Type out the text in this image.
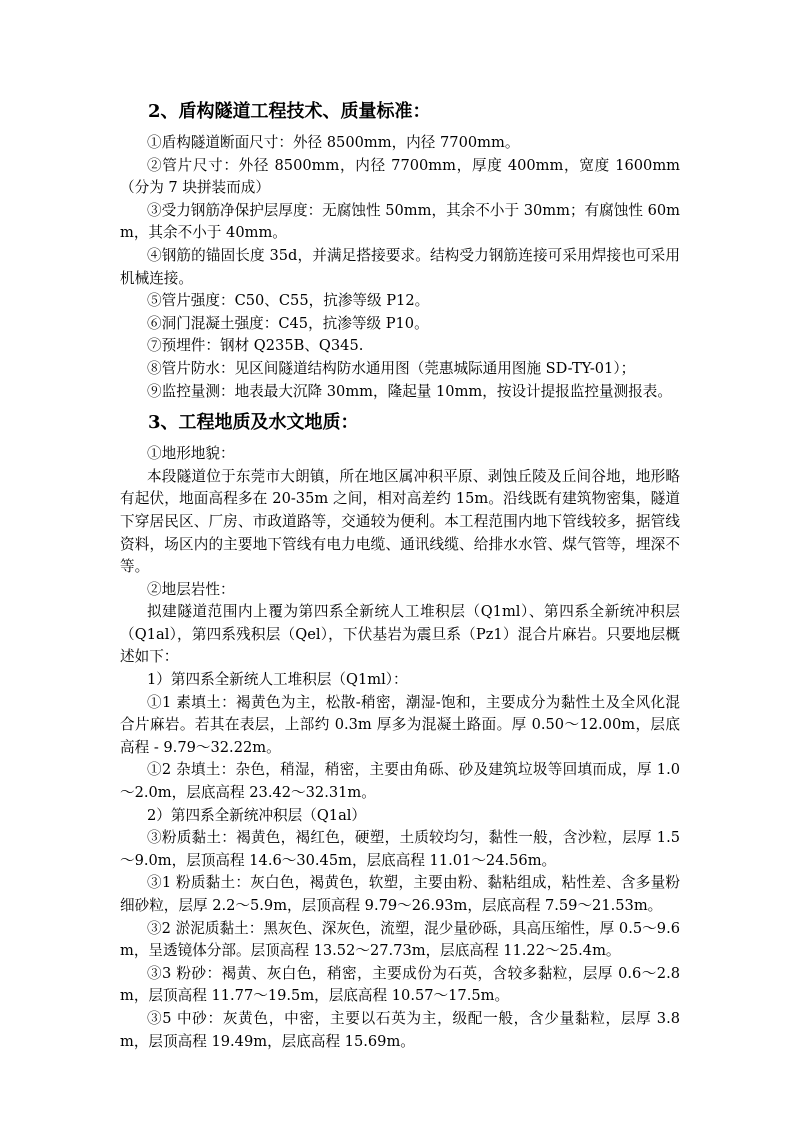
2、盾构隧道工程技术、质量标准：

①盾构隧道断面尺寸：外径 8500mm，内径 7700mm。

②管片尺寸：外径 8500mm，内径 7700mm，厚度 400mm，宽度 1600mm（分为 7 块拼装而成）

③受力钢筋净保护层厚度：无腐蚀性 50mm，其余不小于 30mm；有腐蚀性 60mm，其余不小于 40mm。

④钢筋的锚固长度 35d，并满足搭接要求。结构受力钢筋连接可采用焊接也可采用机械连接。

⑤管片强度：C50、C55，抗渗等级 P12。

⑥洞门混凝土强度：C45，抗渗等级 P10。

⑦预埋件：钢材 Q235B、Q345.

⑧管片防水：见区间隧道结构防水通用图（莞惠城际通用图施 SD-TY-01）；

⑨监控量测：地表最大沉降 30mm，隆起量 10mm，按设计提报监控量测报表。

3、工程地质及水文地质：

①地形地貌：

本段隧道位于东莞市大朗镇，所在地区属冲积平原、剥蚀丘陵及丘间谷地，地形略有起伏，地面高程多在 20-35m 之间，相对高差约 15m。沿线既有建筑物密集，隧道下穿居民区、厂房、市政道路等，交通较为便利。本工程范围内地下管线较多，据管线资料，场区内的主要地下管线有电力电缆、通讯线缆、给排水水管、煤气管等，埋深不等。

②地层岩性：

拟建隧道范围内上覆为第四系全新统人工堆积层（Q1ml）、第四系全新统冲积层（Q1al），第四系残积层（Qel），下伏基岩为震旦系（Pz1）混合片麻岩。只要地层概述如下：

1）第四系全新统人工堆积层（Q1ml）：

①1 素填土：褐黄色为主，松散-稍密，潮湿-饱和，主要成分为黏性土及全风化混合片麻岩。若其在表层，上部约 0.3m 厚多为混凝土路面。厚 0.50～12.00m，层底高程 - 9.79～32.22m。

①2 杂填土：杂色，稍湿，稍密，主要由角砾、砂及建筑垃圾等回填而成，厚 1.0～2.0m，层底高程 23.42～32.31m。

2）第四系全新统冲积层（Q1al）

③粉质黏土：褐黄色，褐红色，硬塑，土质较均匀，黏性一般，含沙粒，层厚 1.5～9.0m，层顶高程 14.6～30.45m，层底高程 11.01～24.56m。

③1 粉质黏土：灰白色，褐黄色，软塑，主要由粉、黏粘组成，粘性差、含多量粉细砂粒，层厚 2.2～5.9m，层顶高程 9.79～26.93m，层底高程 7.59～21.53m。

③2 淤泥质黏土：黑灰色、深灰色，流塑，混少量砂砾，具高压缩性，厚 0.5～9.6m，呈透镜体分部。层顶高程 13.52～27.73m，层底高程 11.22～25.4m。

③3 粉砂：褐黄、灰白色，稍密，主要成份为石英，含较多黏粒，层厚 0.6～2.8m，层顶高程 11.77～19.5m，层底高程 10.57～17.5m。

③5 中砂：灰黄色，中密，主要以石英为主，级配一般，含少量黏粒，层厚 3.8m，层顶高程 19.49m，层底高程 15.69m。
